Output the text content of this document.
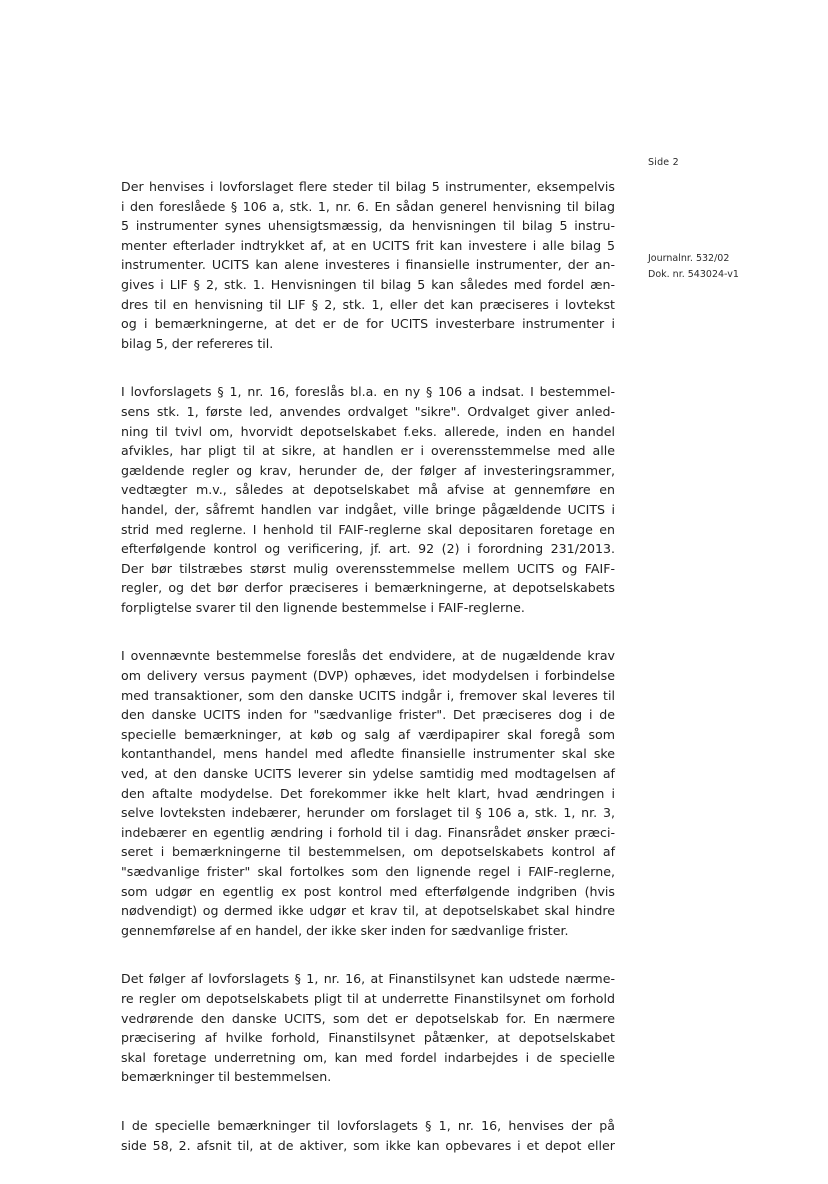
Side 2
Journalnr. 532/02
Dok. nr. 543024-v1
Der henvises i lovforslaget flere steder til bilag 5 instrumenter, eksempelvis
i den foreslåede § 106 a, stk. 1, nr. 6. En sådan generel henvisning til bilag
5 instrumenter synes uhensigtsmæssig, da henvisningen til bilag 5 instru-
menter efterlader indtrykket af, at en UCITS frit kan investere i alle bilag 5
instrumenter. UCITS kan alene investeres i finansielle instrumenter, der an-
gives i LIF § 2, stk. 1. Henvisningen til bilag 5 kan således med fordel æn-
dres til en henvisning til LIF § 2, stk. 1, eller det kan præciseres i lovtekst
og i bemærkningerne, at det er de for UCITS investerbare instrumenter i
bilag 5, der refereres til.
I lovforslagets § 1, nr. 16, foreslås bl.a. en ny § 106 a indsat. I bestemmel-
sens stk. 1, første led, anvendes ordvalget "sikre". Ordvalget giver anled-
ning til tvivl om, hvorvidt depotselskabet f.eks. allerede, inden en handel
afvikles, har pligt til at sikre, at handlen er i overensstemmelse med alle
gældende regler og krav, herunder de, der følger af investeringsrammer,
vedtægter m.v., således at depotselskabet må afvise at gennemføre en
handel, der, såfremt handlen var indgået, ville bringe pågældende UCITS i
strid med reglerne. I henhold til FAIF-reglerne skal depositaren foretage en
efterfølgende kontrol og verificering, jf. art. 92 (2) i forordning 231/2013.
Der bør tilstræbes størst mulig overensstemmelse mellem UCITS og FAIF-
regler, og det bør derfor præciseres i bemærkningerne, at depotselskabets
forpligtelse svarer til den lignende bestemmelse i FAIF-reglerne.
I ovennævnte bestemmelse foreslås det endvidere, at de nugældende krav
om delivery versus payment (DVP) ophæves, idet modydelsen i forbindelse
med transaktioner, som den danske UCITS indgår i, fremover skal leveres til
den danske UCITS inden for "sædvanlige frister". Det præciseres dog i de
specielle bemærkninger, at køb og salg af værdipapirer skal foregå som
kontanthandel, mens handel med afledte finansielle instrumenter skal ske
ved, at den danske UCITS leverer sin ydelse samtidig med modtagelsen af
den aftalte modydelse. Det forekommer ikke helt klart, hvad ændringen i
selve lovteksten indebærer, herunder om forslaget til § 106 a, stk. 1, nr. 3,
indebærer en egentlig ændring i forhold til i dag. Finansrådet ønsker præci-
seret i bemærkningerne til bestemmelsen, om depotselskabets kontrol af
"sædvanlige frister" skal fortolkes som den lignende regel i FAIF-reglerne,
som udgør en egentlig ex post kontrol med efterfølgende indgriben (hvis
nødvendigt) og dermed ikke udgør et krav til, at depotselskabet skal hindre
gennemførelse af en handel, der ikke sker inden for sædvanlige frister.
Det følger af lovforslagets § 1, nr. 16, at Finanstilsynet kan udstede nærme-
re regler om depotselskabets pligt til at underrette Finanstilsynet om forhold
vedrørende den danske UCITS, som det er depotselskab for. En nærmere
præcisering af hvilke forhold, Finanstilsynet påtænker, at depotselskabet
skal foretage underretning om, kan med fordel indarbejdes i de specielle
bemærkninger til bestemmelsen.
I de specielle bemærkninger til lovforslagets § 1, nr. 16, henvises der på
side 58, 2. afsnit til, at de aktiver, som ikke kan opbevares i et depot eller
